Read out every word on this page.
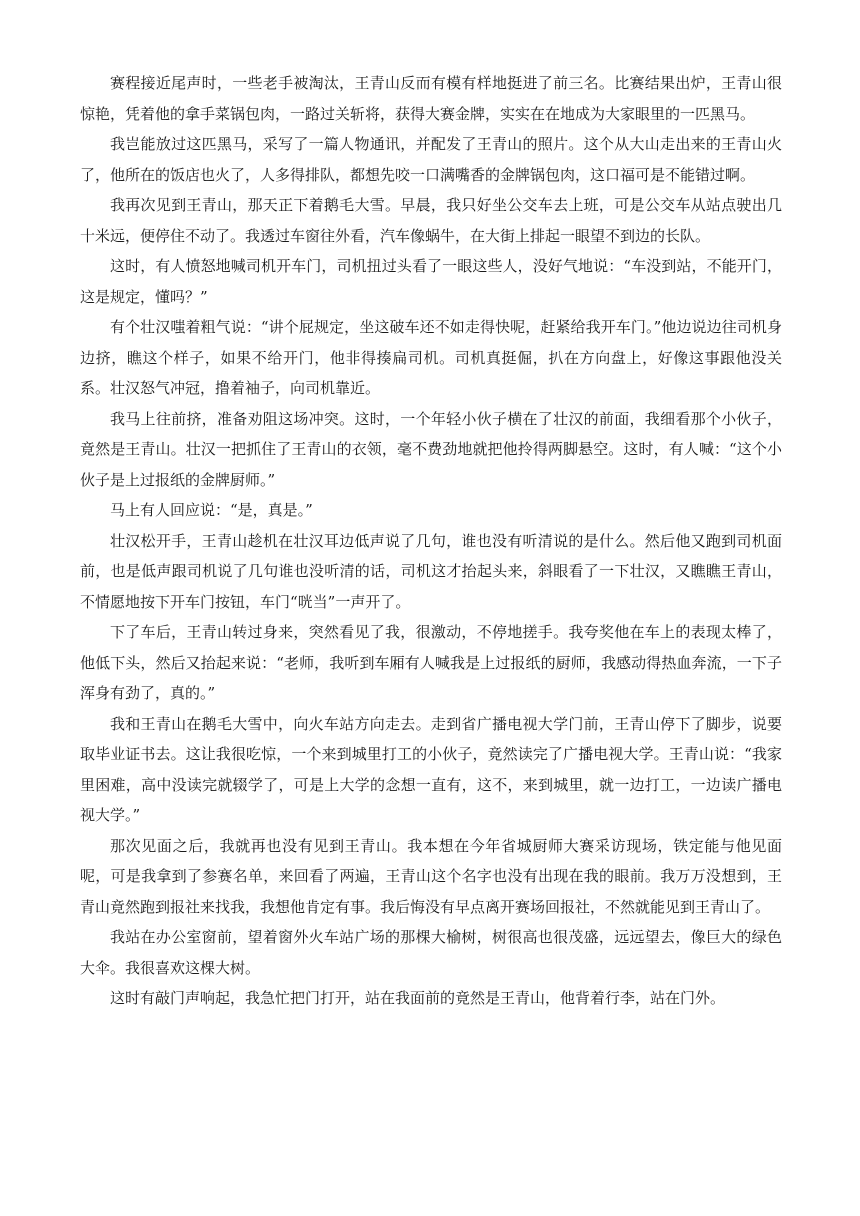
赛程接近尾声时，一些老手被淘汰，王青山反而有模有样地挺进了前三名。比赛结果出炉，王青山很惊艳，凭着他的拿手菜锅包肉，一路过关斩将，获得大赛金牌，实实在在地成为大家眼里的一匹黑马。

我岂能放过这匹黑马，采写了一篇人物通讯，并配发了王青山的照片。这个从大山走出来的王青山火了，他所在的饭店也火了，人多得排队，都想先咬一口满嘴香的金牌锅包肉，这口福可是不能错过啊。

我再次见到王青山，那天正下着鹅毛大雪。早晨，我只好坐公交车去上班，可是公交车从站点驶出几十米远，便停住不动了。我透过车窗往外看，汽车像蜗牛，在大街上排起一眼望不到边的长队。

这时，有人愤怒地喊司机开车门，司机扭过头看了一眼这些人，没好气地说：“车没到站，不能开门，这是规定，懂吗？”

有个壮汉嗤着粗气说：“讲个屁规定，坐这破车还不如走得快呢，赶紧给我开车门。”他边说边往司机身边挤，瞧这个样子，如果不给开门，他非得揍扁司机。司机真挺倔，扒在方向盘上，好像这事跟他没关系。壮汉怒气冲冠，撸着袖子，向司机靠近。

我马上往前挤，准备劝阻这场冲突。这时，一个年轻小伙子横在了壮汉的前面，我细看那个小伙子，竟然是王青山。壮汉一把抓住了王青山的衣领，毫不费劲地就把他拎得两脚悬空。这时，有人喊：“这个小伙子是上过报纸的金牌厨师。”

马上有人回应说：“是，真是。”

壮汉松开手，王青山趁机在壮汉耳边低声说了几句，谁也没有听清说的是什么。然后他又跑到司机面前，也是低声跟司机说了几句谁也没听清的话，司机这才抬起头来，斜眼看了一下壮汉，又瞧瞧王青山，不情愿地按下开车门按钮，车门“咣当”一声开了。

下了车后，王青山转过身来，突然看见了我，很激动，不停地搓手。我夸奖他在车上的表现太棒了，他低下头，然后又抬起来说：“老师，我听到车厢有人喊我是上过报纸的厨师，我感动得热血奔流，一下子浑身有劲了，真的。”

我和王青山在鹅毛大雪中，向火车站方向走去。走到省广播电视大学门前，王青山停下了脚步，说要取毕业证书去。这让我很吃惊，一个来到城里打工的小伙子，竟然读完了广播电视大学。王青山说：“我家里困难，高中没读完就辍学了，可是上大学的念想一直有，这不，来到城里，就一边打工，一边读广播电视大学。”

那次见面之后，我就再也没有见到王青山。我本想在今年省城厨师大赛采访现场，铁定能与他见面呢，可是我拿到了参赛名单，来回看了两遍，王青山这个名字也没有出现在我的眼前。我万万没想到，王青山竟然跑到报社来找我，我想他肯定有事。我后悔没有早点离开赛场回报社，不然就能见到王青山了。

我站在办公室窗前，望着窗外火车站广场的那棵大榆树，树很高也很茂盛，远远望去，像巨大的绿色大伞。我很喜欢这棵大树。

这时有敲门声响起，我急忙把门打开，站在我面前的竟然是王青山，他背着行李，站在门外。
